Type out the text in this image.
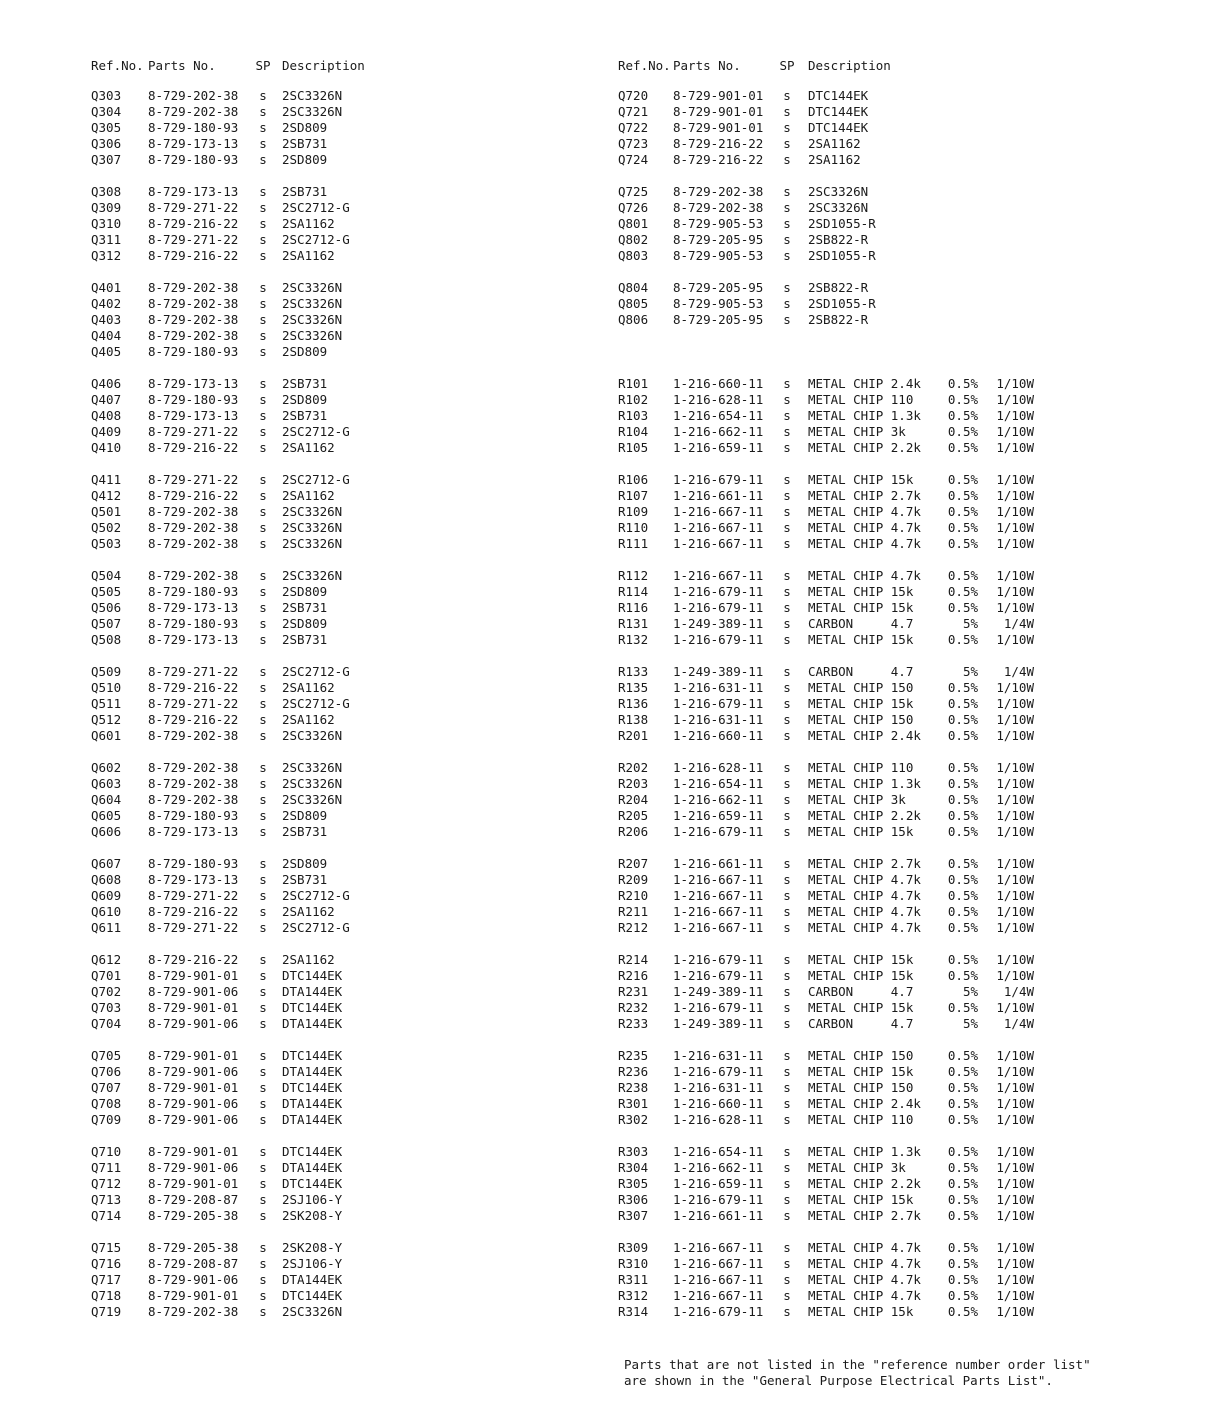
Ref.No. Parts No.	SP Description
Q303 8-729-202-38	s	2SC3326N
Q304 8-729-202-38	s	2SC3326N
Q305 8-729-180-93	s	2SD809
Q306 8-729-173-13	s	2SB731
Q307 8-729-180-93	s	2SD809
Q308 8-729-173-13	s	2SB731
Q309 8-729-271-22	s	2SC2712-G
Q310 8-729-216-22	s	2SA1162
Q311 8-729-271-22	s	2SC2712-G
Q312 8-729-216-22	s	2SA1162
Q401 8-729-202-38	s	2SC3326N
Q402 8-729-202-38	s	2SC3326N
Q403 8-729-202-38	s	2SC3326N
Q404 8-729-202-38	s	2SC3326N
Q405 8-729-180-93	s	2SD809
Q406 8-729-173-13	s	2SB731
Q407 8-729-180-93	s	2SD809
Q408 8-729-173-13	s	2SB731
Q409 8-729-271-22	s	2SC2712-G
Q410 8-729-216-22	s	2SA1162
Q411 8-729-271-22	s	2SC2712-G
Q412 8-729-216-22	s	2SA1162
Q501 8-729-202-38	s	2SC3326N
Q502 8-729-202-38	s	2SC3326N
Q503 8-729-202-38	s	2SC3326N
Q504 8-729-202-38	s	2SC3326N
Q505 8-729-180-93	s	2SD809
Q506 8-729-173-13	s	2SB731
Q507 8-729-180-93	s	2SD809
Q508 8-729-173-13	s	2SB731
Q509 8-729-271-22	s	2SC2712-G
Q510 8-729-216-22	s	2SA1162
Q511 8-729-271-22	s	2SC2712-G
Q512 8-729-216-22	s	2SA1162
Q601 8-729-202-38	s	2SC3326N
Q602 8-729-202-38	s	2SC3326N
Q603 8-729-202-38	s	2SC3326N
Q604 8-729-202-38	s	2SC3326N
Q605 8-729-180-93	s	2SD809
Q606 8-729-173-13	s	2SB731
Q607 8-729-180-93	s	2SD809
Q608 8-729-173-13	s	2SB731
Q609 8-729-271-22	s	2SC2712-G
Q610 8-729-216-22	s	2SA1162
Q611 8-729-271-22	s	2SC2712-G
Q612 8-729-216-22	s	2SA1162
Q701 8-729-901-01	s	DTC144EK
Q702 8-729-901-06	s	DTA144EK
Q703 8-729-901-01	s	DTC144EK
Q704 8-729-901-06	s	DTA144EK
Q705 8-729-901-01	s	DTC144EK
Q706 8-729-901-06	s	DTA144EK
Q707 8-729-901-01	s	DTC144EK
Q708 8-729-901-06	s	DTA144EK
Q709 8-729-901-06	s	DTA144EK
Q710 8-729-901-01	s	DTC144EK
Q711 8-729-901-06	s	DTA144EK
Q712 8-729-901-01	s	DTC144EK
Q713 8-729-208-87	s	2SJ106-Y
Q714 8-729-205-38	s	2SK208-Y
Q715 8-729-205-38	s	2SK208-Y
Q716 8-729-208-87	s	2SJ106-Y
Q717 8-729-901-06	s	DTA144EK
Q718 8-729-901-01	s	DTC144EK
Q719 8-729-202-38	s	2SC3326N
Ref.No. Parts No.	SP Description
Q720 8-729-901-01	s	DTC144EK
Q721 8-729-901-01	s	DTC144EK
Q722 8-729-901-01	s	DTC144EK
Q723 8-729-216-22	s	2SA1162
Q724 8-729-216-22	s	2SA1162
Q725 8-729-202-38	s	2SC3326N
Q726 8-729-202-38	s	2SC3326N
Q801 8-729-905-53	s	2SD1055-R
Q802 8-729-205-95	s	2SB822-R
Q803 8-729-905-53	s	2SD1055-R
Q804 8-729-205-95	s	2SB822-R
Q805 8-729-905-53	s	2SD1055-R
Q806 8-729-205-95	s	2SB822-R
R101 1-216-660-11	s	METAL CHIP 2.4k	0.5%	1/10W
R102 1-216-628-11	s	METAL CHIP 110	0.5%	1/10W
R103 1-216-654-11	s	METAL CHIP 1.3k	0.5%	1/10W
R104 1-216-662-11	s	METAL CHIP 3k	0.5%	1/10W
R105 1-216-659-11	s	METAL CHIP 2.2k	0.5%	1/10W
R106 1-216-679-11	s	METAL CHIP 15k	0.5%	1/10W
R107 1-216-661-11	s	METAL CHIP 2.7k	0.5%	1/10W
R109 1-216-667-11	s	METAL CHIP 4.7k	0.5%	1/10W
R110 1-216-667-11	s	METAL CHIP 4.7k	0.5%	1/10W
R111 1-216-667-11	s	METAL CHIP 4.7k	0.5%	1/10W
R112 1-216-667-11	s	METAL CHIP 4.7k	0.5%	1/10W
R114 1-216-679-11	s	METAL CHIP 15k	0.5%	1/10W
R116 1-216-679-11	s	METAL CHIP 15k	0.5%	1/10W
R131 1-249-389-11	s	CARBON     4.7	5%	1/4W
R132 1-216-679-11	s	METAL CHIP 15k	0.5%	1/10W
R133 1-249-389-11	s	CARBON     4.7	5%	1/4W
R135 1-216-631-11	s	METAL CHIP 150	0.5%	1/10W
R136 1-216-679-11	s	METAL CHIP 15k	0.5%	1/10W
R138 1-216-631-11	s	METAL CHIP 150	0.5%	1/10W
R201 1-216-660-11	s	METAL CHIP 2.4k	0.5%	1/10W
R202 1-216-628-11	s	METAL CHIP 110	0.5%	1/10W
R203 1-216-654-11	s	METAL CHIP 1.3k	0.5%	1/10W
R204 1-216-662-11	s	METAL CHIP 3k	0.5%	1/10W
R205 1-216-659-11	s	METAL CHIP 2.2k	0.5%	1/10W
R206 1-216-679-11	s	METAL CHIP 15k	0.5%	1/10W
R207 1-216-661-11	s	METAL CHIP 2.7k	0.5%	1/10W
R209 1-216-667-11	s	METAL CHIP 4.7k	0.5%	1/10W
R210 1-216-667-11	s	METAL CHIP 4.7k	0.5%	1/10W
R211 1-216-667-11	s	METAL CHIP 4.7k	0.5%	1/10W
R212 1-216-667-11	s	METAL CHIP 4.7k	0.5%	1/10W
R214 1-216-679-11	s	METAL CHIP 15k	0.5%	1/10W
R216 1-216-679-11	s	METAL CHIP 15k	0.5%	1/10W
R231 1-249-389-11	s	CARBON     4.7	5%	1/4W
R232 1-216-679-11	s	METAL CHIP 15k	0.5%	1/10W
R233 1-249-389-11	s	CARBON     4.7	5%	1/4W
R235 1-216-631-11	s	METAL CHIP 150	0.5%	1/10W
R236 1-216-679-11	s	METAL CHIP 15k	0.5%	1/10W
R238 1-216-631-11	s	METAL CHIP 150	0.5%	1/10W
R301 1-216-660-11	s	METAL CHIP 2.4k	0.5%	1/10W
R302 1-216-628-11	s	METAL CHIP 110	0.5%	1/10W
R303 1-216-654-11	s	METAL CHIP 1.3k	0.5%	1/10W
R304 1-216-662-11	s	METAL CHIP 3k	0.5%	1/10W
R305 1-216-659-11	s	METAL CHIP 2.2k	0.5%	1/10W
R306 1-216-679-11	s	METAL CHIP 15k	0.5%	1/10W
R307 1-216-661-11	s	METAL CHIP 2.7k	0.5%	1/10W
R309 1-216-667-11	s	METAL CHIP 4.7k	0.5%	1/10W
R310 1-216-667-11	s	METAL CHIP 4.7k	0.5%	1/10W
R311 1-216-667-11	s	METAL CHIP 4.7k	0.5%	1/10W
R312 1-216-667-11	s	METAL CHIP 4.7k	0.5%	1/10W
R314 1-216-679-11	s	METAL CHIP 15k	0.5%	1/10W
Parts that are not listed in the "reference number order list"
are shown in the "General Purpose Electrical Parts List".
